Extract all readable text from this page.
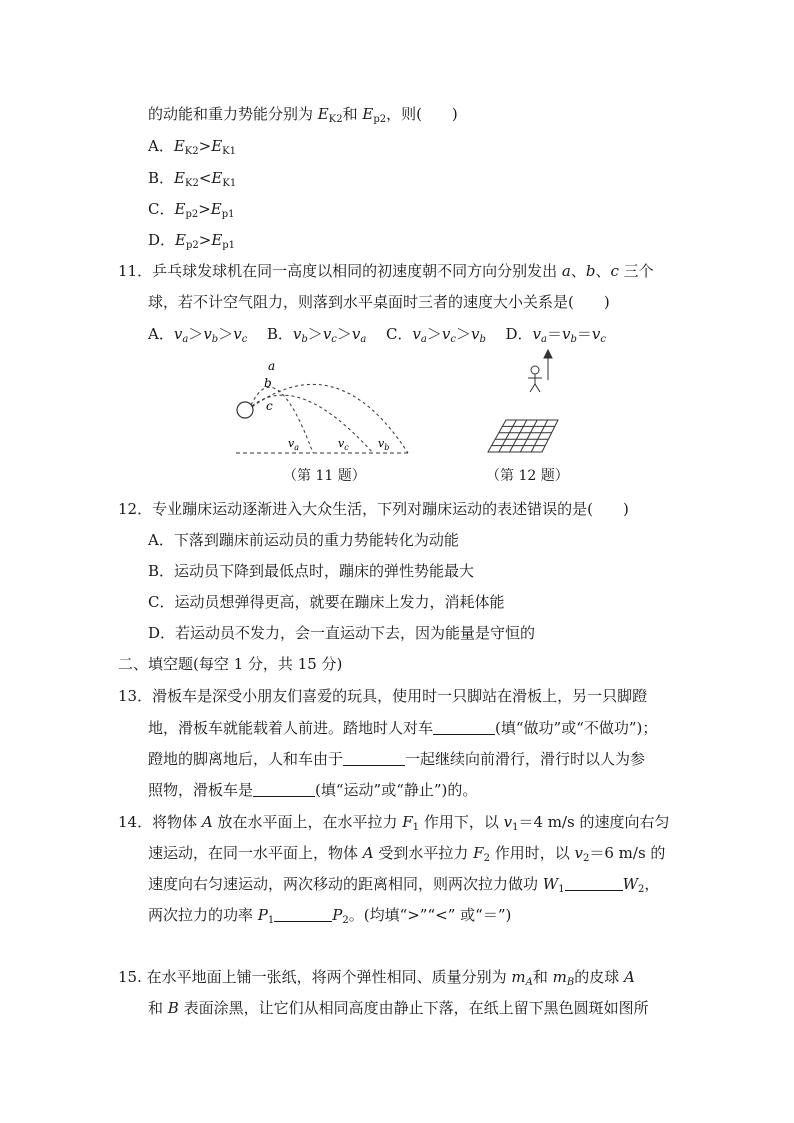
的动能和重力势能分别为 $E_{K2}$和 $E_{p2}$，则(　　)
A．$E_{K2}>E_{K1}$
B．$E_{K2}<E_{K1}$
C．$E_{p2}>E_{p1}$
D．$E_{p2}>E_{p1}$
11．乒乓球发球机在同一高度以相同的初速度朝不同方向分别发出 a、b、c 三个
球，若不计空气阻力，则落到水平桌面时三者的速度大小关系是(　　)
A．$v_a>v_b>v_c$ B．$v_b>v_c>v_a$ C．$v_a>v_c>v_b$ D．$v_a=v_b=v_c$
a
b
c
$v_a$	$v_c$	$v_b$
（第 11 题）	（第 12 题）
12．专业蹦床运动逐渐进入大众生活，下列对蹦床运动的表述错误的是(　　)
A．下落到蹦床前运动员的重力势能转化为动能
B．运动员下降到最低点时，蹦床的弹性势能最大
C．运动员想弹得更高，就要在蹦床上发力，消耗体能
D．若运动员不发力，会一直运动下去，因为能量是守恒的
二、填空题(每空 1 分，共 15 分)
13．滑板车是深受小朋友们喜爱的玩具，使用时一只脚站在滑板上，另一只脚蹬
地，滑板车就能载着人前进。踏地时人对车	(填“做功”或“不做功”)；
蹬地的脚离地后，人和车由于	一起继续向前滑行，滑行时以人为参
照物，滑板车是	(填“运动”或“静止”)的。
14．将物体 A 放在水平面上，在水平拉力 $F_1$ 作用下，以 $v_1=4$ m/s 的速度向右匀
速运动，在同一水平面上，物体 A 受到水平拉力 $F_2$ 作用时，以 $v_2=6$ m/s 的
速度向右匀速运动，两次移动的距离相同，则两次拉力做功 $W_1$	$W_2$，
两次拉力的功率 $P_1$	$P_2$。(均填“>”“<” 或“＝”)
15. 在水平地面上铺一张纸，将两个弹性相同、质量分别为 $m_A$和 $m_B$的皮球 A
和 B 表面涂黑，让它们从相同高度由静止下落，在纸上留下黑色圆斑如图所
